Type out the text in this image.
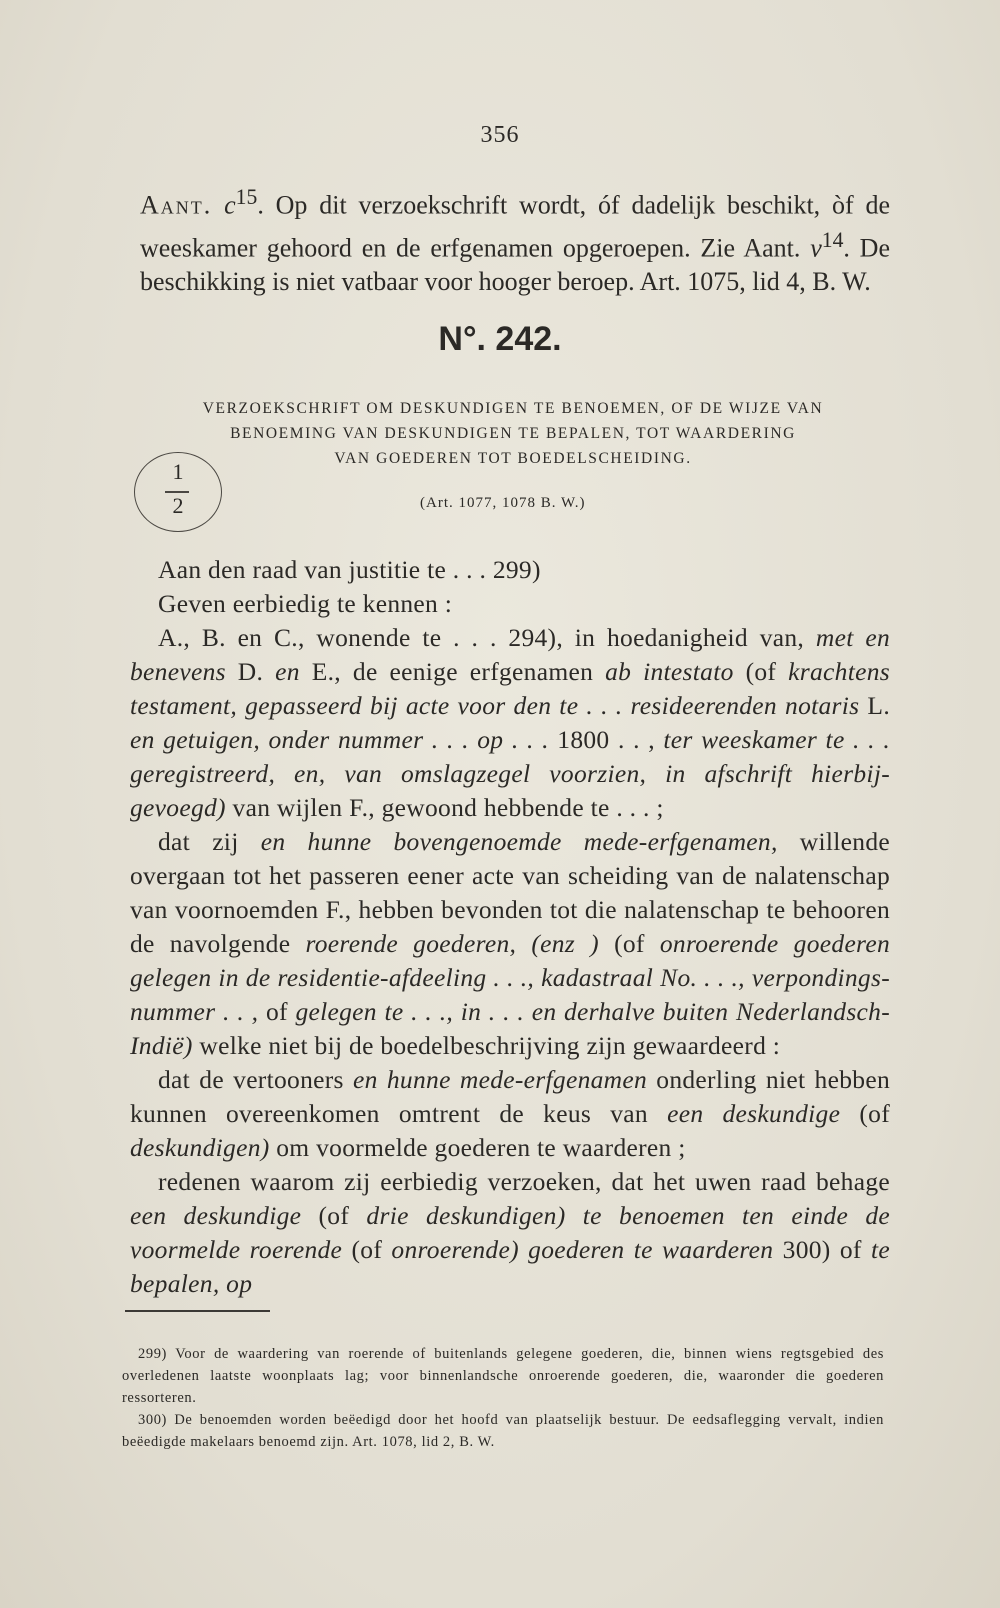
356
Aant. $c^{15}$. Op dit verzoekschrift wordt, óf dadelijk beschikt, òf de weeskamer gehoord en de erfgenamen opgeroepen. Zie Aant. $v^{14}$. De beschikking is niet vatbaar voor hooger beroep. Art. 1075, lid 4, B. W.
N°. 242.
VERZOEKSCHRIFT OM DESKUNDIGEN TE BENOEMEN, OF DE WIJZE VAN
BENOEMING VAN DESKUNDIGEN TE BEPALEN, TOT WAARDERING
VAN GOEDEREN TOT BOEDELSCHEIDING.
1
2	(Art. 1077, 1078 B. W.)

Aan den raad van justitie te . . . 299)

Geven eerbiedig te kennen :

A., B. en C., wonende te . . . 294), in hoedanigheid van, met en benevens D. en E., de eenige erfgenamen ab intestato (of krachtens testament, gepasseerd bij acte voor den te . . . resideerenden notaris L. en getuigen, onder nummer . . . op . . . 1800 . . , ter weeskamer te . . . geregistreerd, en, van omslagzegel voorzien, in afschrift hierbij-gevoegd) van wijlen F., gewoond hebbende te . . . ;

dat zij en hunne bovengenoemde mede-erfgenamen, willende overgaan tot het passeren eener acte van scheiding van de nalatenschap van voornoemden F., hebben bevonden tot die nalatenschap te behooren de navolgende roerende goederen, (enz ) (of onroerende goederen gelegen in de residentie-afdeeling . . ., kadastraal No. . . ., verpondings-nummer . . , of gelegen te . . ., in . . . en derhalve buiten Nederlandsch-Indië) welke niet bij de boedelbeschrijving zijn gewaardeerd :

dat de vertooners en hunne mede-erfgenamen onderling niet hebben kunnen overeenkomen omtrent de keus van een deskundige (of deskundigen) om voormelde goederen te waarderen ;

redenen waarom zij eerbiedig verzoeken, dat het uwen raad behage een deskundige (of drie deskundigen) te benoemen ten einde de voormelde roerende (of onroerende) goederen te waarderen 300) of te bepalen, op

299) Voor de waardering van roerende of buitenlands gelegene goederen, die, binnen wiens regtsgebied des overledenen laatste woonplaats lag; voor binnenlandsche onroerende goederen, die, waaronder die goederen ressorteren.

300) De benoemden worden beëedigd door het hoofd van plaatselijk bestuur. De eedsaflegging vervalt, indien beëedigde makelaars benoemd zijn. Art. 1078, lid 2, B. W.
